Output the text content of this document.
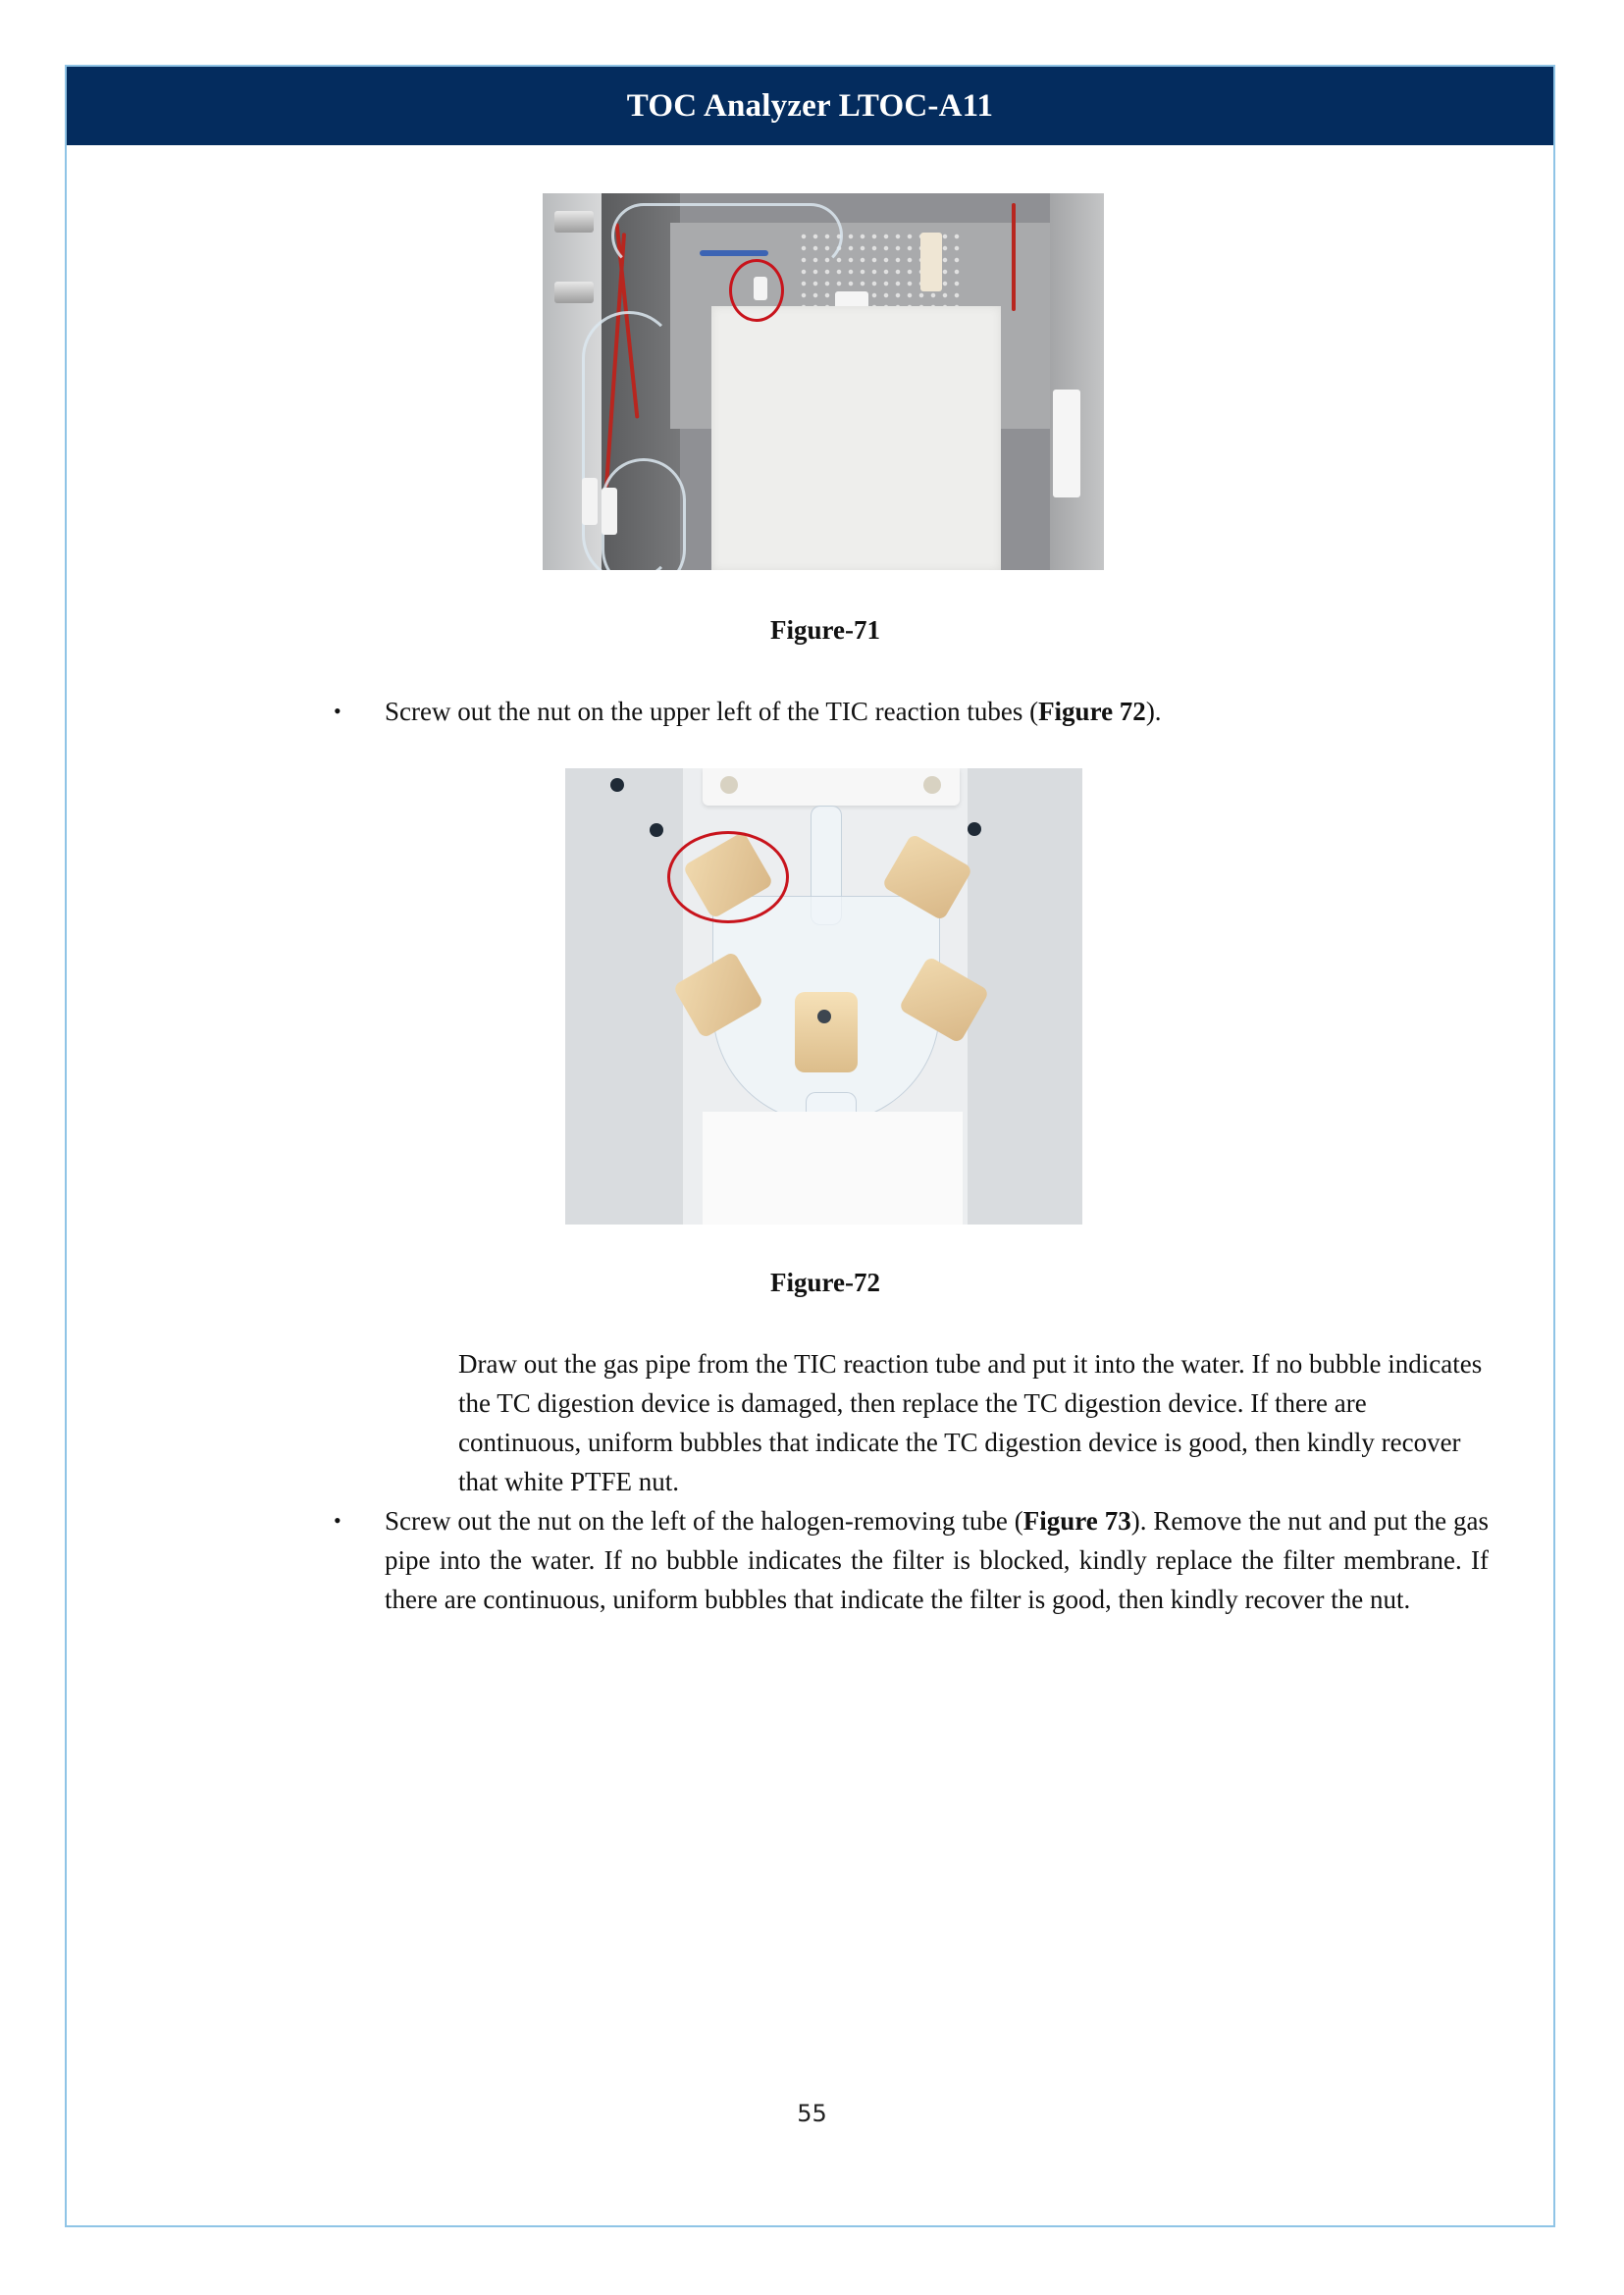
TOC Analyzer LTOC-A11
Figure-71
•	Screw out the nut on the upper left of the TIC reaction tubes (Figure 72).
Figure-72
Draw out the gas pipe from the TIC reaction tube and put it into the water. If no bubble indicates the TC digestion device is damaged, then replace the TC digestion device. If there are continuous, uniform bubbles that indicate the TC digestion device is good, then kindly recover that white PTFE nut.
•	Screw out the nut on the left of the halogen-removing tube (Figure 73). Remove the nut and put the gas pipe into the water. If no bubble indicates the filter is blocked, kindly replace the filter membrane. If there are continuous, uniform bubbles that indicate the filter is good, then kindly recover the nut.
55
